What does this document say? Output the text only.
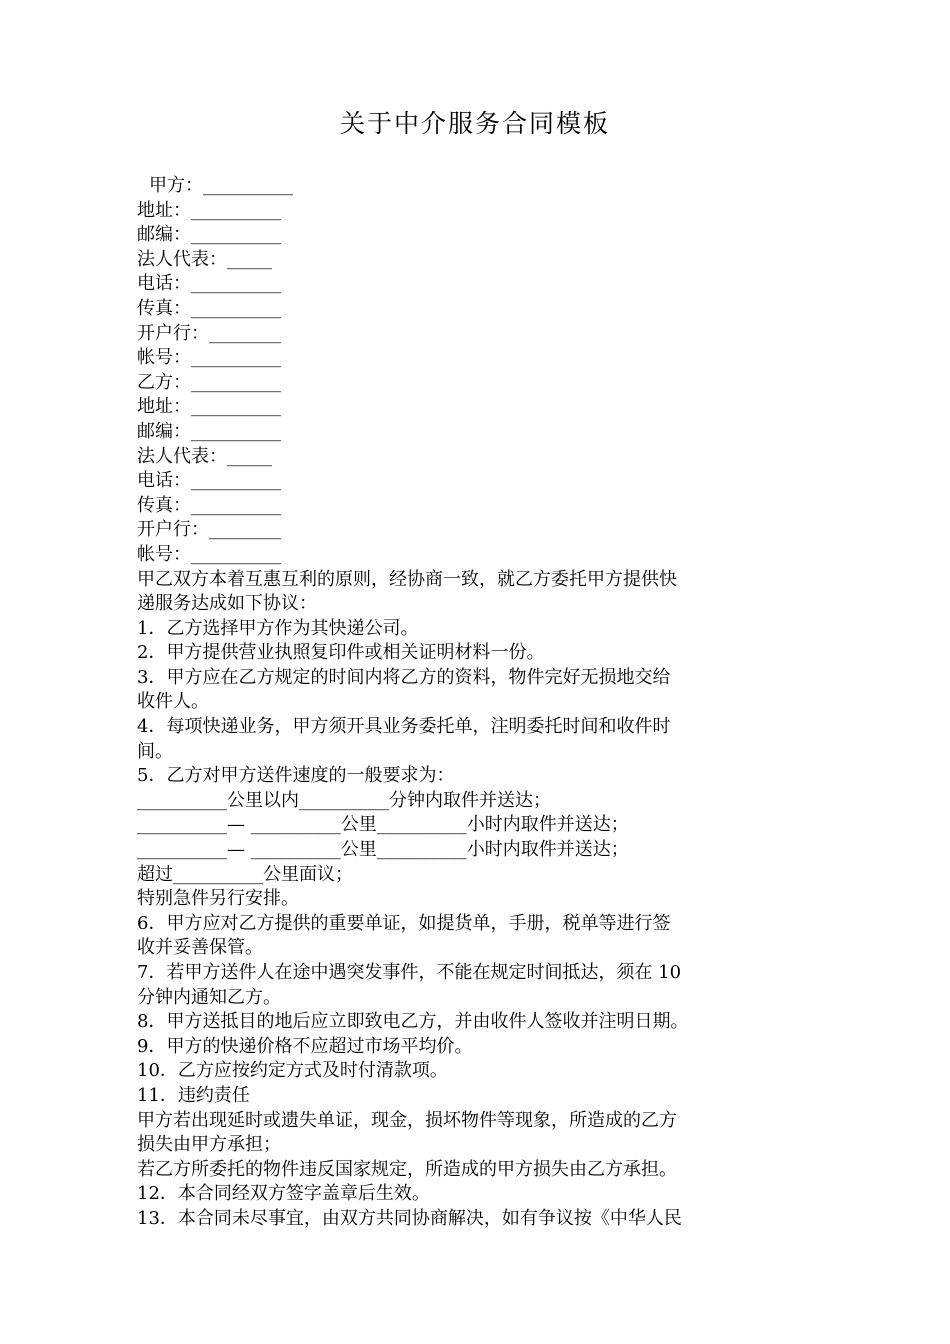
关于中介服务合同模板
甲方：__________
地址：__________
邮编：__________
法人代表：_____
电话：__________
传真：__________
开户行：________
帐号：__________
乙方：__________
地址：__________
邮编：__________
法人代表：_____
电话：__________
传真：__________
开户行：________
帐号：__________
甲乙双方本着互惠互利的原则，经协商一致，就乙方委托甲方提供快
递服务达成如下协议：
1．乙方选择甲方作为其快递公司。
2．甲方提供营业执照复印件或相关证明材料一份。
3．甲方应在乙方规定的时间内将乙方的资料，物件完好无损地交给
收件人。
4．每项快递业务，甲方须开具业务委托单，注明委托时间和收件时
间。
5．乙方对甲方送件速度的一般要求为：
__________公里以内__________分钟内取件并送达；
__________— __________公里__________小时内取件并送达；
__________— __________公里__________小时内取件并送达；
超过__________公里面议；
特别急件另行安排。
6．甲方应对乙方提供的重要单证，如提货单，手册，税单等进行签
收并妥善保管。
7．若甲方送件人在途中遇突发事件，不能在规定时间抵达，须在 10
分钟内通知乙方。
8．甲方送抵目的地后应立即致电乙方，并由收件人签收并注明日期。
9．甲方的快递价格不应超过市场平均价。
10．乙方应按约定方式及时付清款项。
11．违约责任
甲方若出现延时或遗失单证，现金，损坏物件等现象，所造成的乙方
损失由甲方承担；
若乙方所委托的物件违反国家规定，所造成的甲方损失由乙方承担。
12．本合同经双方签字盖章后生效。
13．本合同未尽事宜，由双方共同协商解决，如有争议按《中华人民
